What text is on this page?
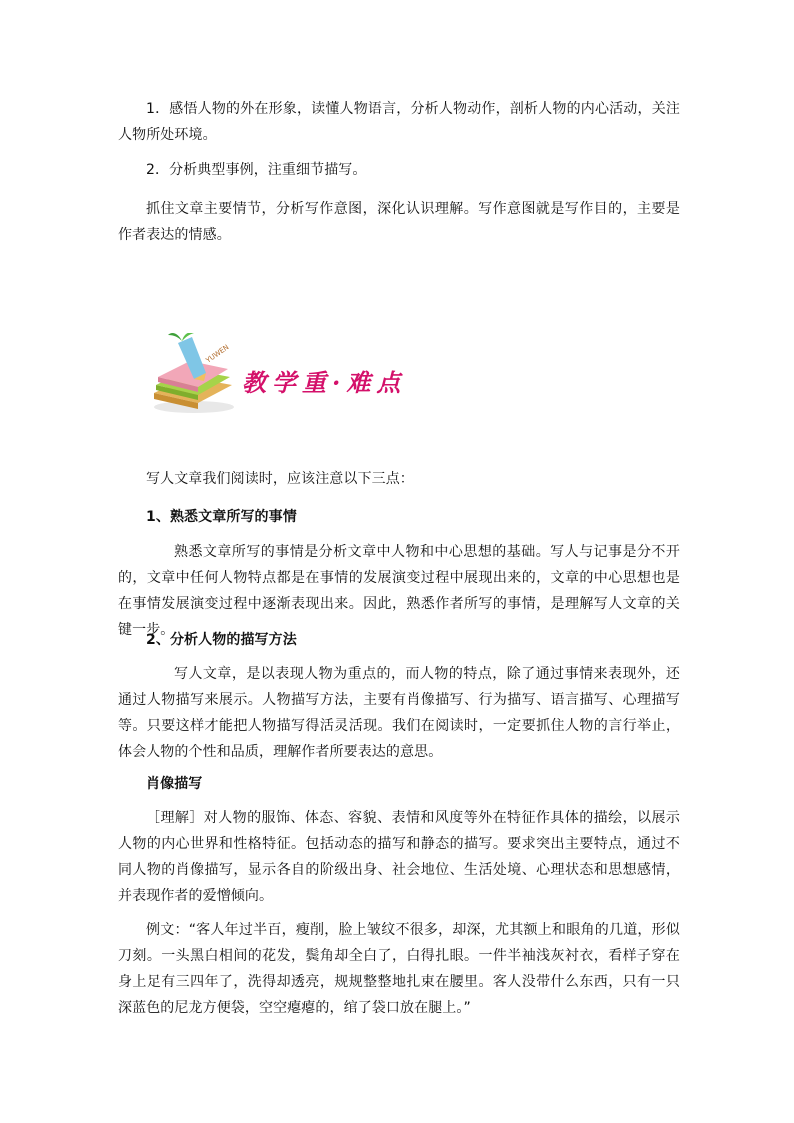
1．感悟人物的外在形象，读懂人物语言，分析人物动作，剖析人物的内心活动，关注人物所处环境。
2．分析典型事例，注重细节描写。
抓住文章主要情节，分析写作意图，深化认识理解。写作意图就是写作目的，主要是作者表达的情感。
YUWEN
教学重·难点
写人文章我们阅读时，应该注意以下三点：
1、熟悉文章所写的事情
熟悉文章所写的事情是分析文章中人物和中心思想的基础。写人与记事是分不开的，文章中任何人物特点都是在事情的发展演变过程中展现出来的，文章的中心思想也是在事情发展演变过程中逐渐表现出来。因此，熟悉作者所写的事情，是理解写人文章的关键一步。
2、分析人物的描写方法
写人文章，是以表现人物为重点的，而人物的特点，除了通过事情来表现外，还通过人物描写来展示。人物描写方法，主要有肖像描写、行为描写、语言描写、心理描写等。只要这样才能把人物描写得活灵活现。我们在阅读时，一定要抓住人物的言行举止，体会人物的个性和品质，理解作者所要表达的意思。
肖像描写
［理解］对人物的服饰、体态、容貌、表情和风度等外在特征作具体的描绘，以展示人物的内心世界和性格特征。包括动态的描写和静态的描写。要求突出主要特点，通过不同人物的肖像描写，显示各自的阶级出身、社会地位、生活处境、心理状态和思想感情，并表现作者的爱憎倾向。
例文：“客人年过半百，瘦削，脸上皱纹不很多，却深，尤其额上和眼角的几道，形似刀刻。一头黑白相间的花发，鬓角却全白了，白得扎眼。一件半袖浅灰衬衣，看样子穿在身上足有三四年了，洗得却透亮，规规整整地扎束在腰里。客人没带什么东西，只有一只深蓝色的尼龙方便袋，空空瘪瘪的，绾了袋口放在腿上。”
